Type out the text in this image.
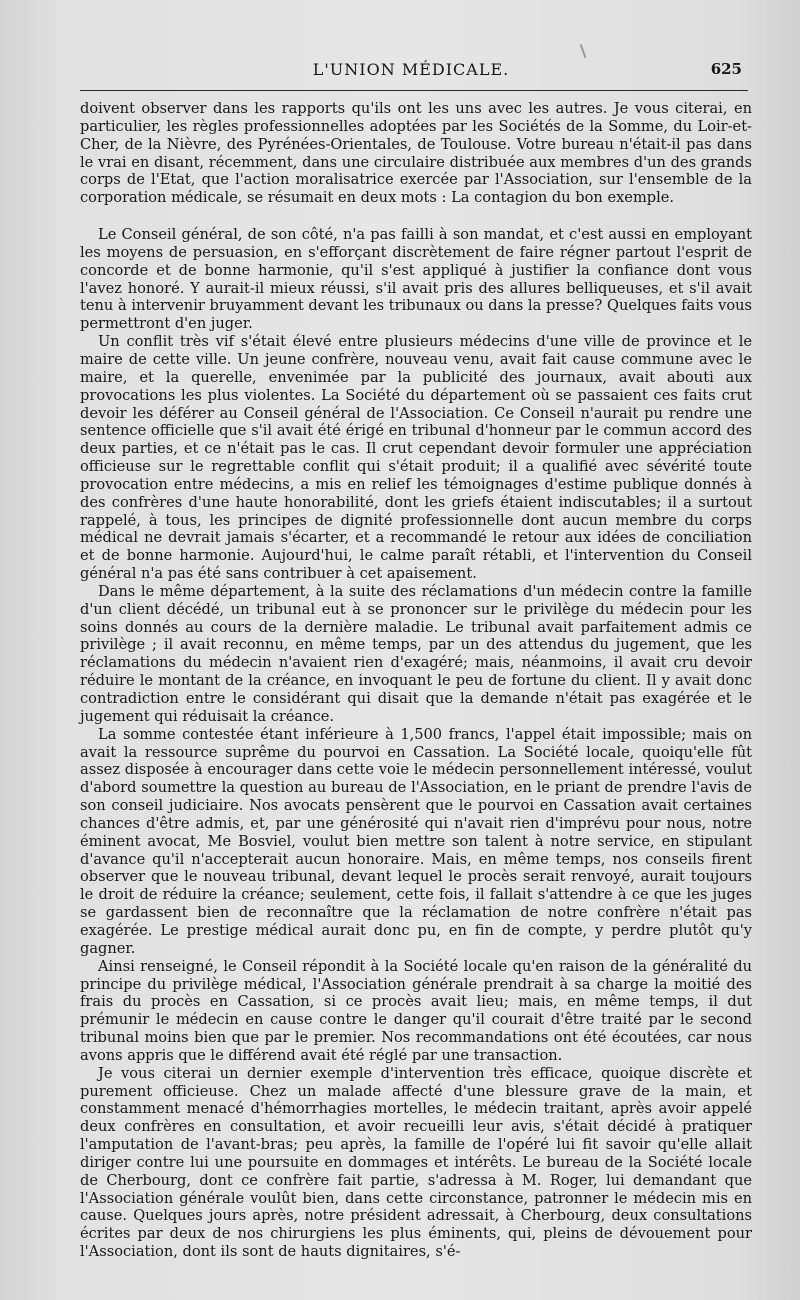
L'UNION MÉDICALE.	625

doivent observer dans les rapports qu'ils ont les uns avec les autres. Je vous citerai, en particulier, les règles professionnelles adoptées par les Sociétés de la Somme, du Loir-et-Cher, de la Nièvre, des Pyrénées-Orientales, de Toulouse. Votre bureau n'était-il pas dans le vrai en disant, récemment, dans une circulaire distribuée aux membres d'un des grands corps de l'Etat, que l'action moralisatrice exercée par l'Association, sur l'ensemble de la corporation médicale, se résumait en deux mots : La contagion du bon exemple.

Le Conseil général, de son côté, n'a pas failli à son mandat, et c'est aussi en employant les moyens de persuasion, en s'efforçant discrètement de faire régner partout l'esprit de concorde et de bonne harmonie, qu'il s'est appliqué à justifier la confiance dont vous l'avez honoré. Y aurait-il mieux réussi, s'il avait pris des allures belliqueuses, et s'il avait tenu à intervenir bruyamment devant les tribunaux ou dans la presse? Quelques faits vous permettront d'en juger.

Un conflit très vif s'était élevé entre plusieurs médecins d'une ville de province et le maire de cette ville. Un jeune confrère, nouveau venu, avait fait cause commune avec le maire, et la querelle, envenimée par la publicité des journaux, avait abouti aux provocations les plus violentes. La Société du département où se passaient ces faits crut devoir les déférer au Conseil général de l'Association. Ce Conseil n'aurait pu rendre une sentence officielle que s'il avait été érigé en tribunal d'honneur par le commun accord des deux parties, et ce n'était pas le cas. Il crut cependant devoir formuler une appréciation officieuse sur le regrettable conflit qui s'était produit; il a qualifié avec sévérité toute provocation entre médecins, a mis en relief les témoignages d'estime publique donnés à des confrères d'une haute honorabilité, dont les griefs étaient indiscutables; il a surtout rappelé, à tous, les principes de dignité professionnelle dont aucun membre du corps médical ne devrait jamais s'écarter, et a recommandé le retour aux idées de conciliation et de bonne harmonie. Aujourd'hui, le calme paraît rétabli, et l'intervention du Conseil général n'a pas été sans contribuer à cet apaisement.

Dans le même département, à la suite des réclamations d'un médecin contre la famille d'un client décédé, un tribunal eut à se prononcer sur le privilège du médecin pour les soins donnés au cours de la dernière maladie. Le tribunal avait parfaitement admis ce privilège ; il avait reconnu, en même temps, par un des attendus du jugement, que les réclamations du médecin n'avaient rien d'exagéré; mais, néanmoins, il avait cru devoir réduire le montant de la créance, en invoquant le peu de fortune du client. Il y avait donc contradiction entre le considérant qui disait que la demande n'était pas exagérée et le jugement qui réduisait la créance.

La somme contestée étant inférieure à 1,500 francs, l'appel était impossible; mais on avait la ressource suprême du pourvoi en Cassation. La Société locale, quoiqu'elle fût assez disposée à encourager dans cette voie le médecin personnellement intéressé, voulut d'abord soumettre la question au bureau de l'Association, en le priant de prendre l'avis de son conseil judiciaire. Nos avocats pensèrent que le pourvoi en Cassation avait certaines chances d'être admis, et, par une générosité qui n'avait rien d'imprévu pour nous, notre éminent avocat, Me Bosviel, voulut bien mettre son talent à notre service, en stipulant d'avance qu'il n'accepterait aucun honoraire. Mais, en même temps, nos conseils firent observer que le nouveau tribunal, devant lequel le procès serait renvoyé, aurait toujours le droit de réduire la créance; seulement, cette fois, il fallait s'attendre à ce que les juges se gardassent bien de reconnaître que la réclamation de notre confrère n'était pas exagérée. Le prestige médical aurait donc pu, en fin de compte, y perdre plutôt qu'y gagner.

Ainsi renseigné, le Conseil répondit à la Société locale qu'en raison de la généralité du principe du privilège médical, l'Association générale prendrait à sa charge la moitié des frais du procès en Cassation, si ce procès avait lieu; mais, en même temps, il dut prémunir le médecin en cause contre le danger qu'il courait d'être traité par le second tribunal moins bien que par le premier. Nos recommandations ont été écoutées, car nous avons appris que le différend avait été réglé par une transaction.

Je vous citerai un dernier exemple d'intervention très efficace, quoique discrète et purement officieuse. Chez un malade affecté d'une blessure grave de la main, et constamment menacé d'hémorrhagies mortelles, le médecin traitant, après avoir appelé deux confrères en consultation, et avoir recueilli leur avis, s'était décidé à pratiquer l'amputation de l'avant-bras; peu après, la famille de l'opéré lui fit savoir qu'elle allait diriger contre lui une poursuite en dommages et intérêts. Le bureau de la Société locale de Cherbourg, dont ce confrère fait partie, s'adressa à M. Roger, lui demandant que l'Association générale voulût bien, dans cette circonstance, patronner le médecin mis en cause. Quelques jours après, notre président adressait, à Cherbourg, deux consultations écrites par deux de nos chirurgiens les plus éminents, qui, pleins de dévouement pour l'Association, dont ils sont de hauts dignitaires, s'é-
